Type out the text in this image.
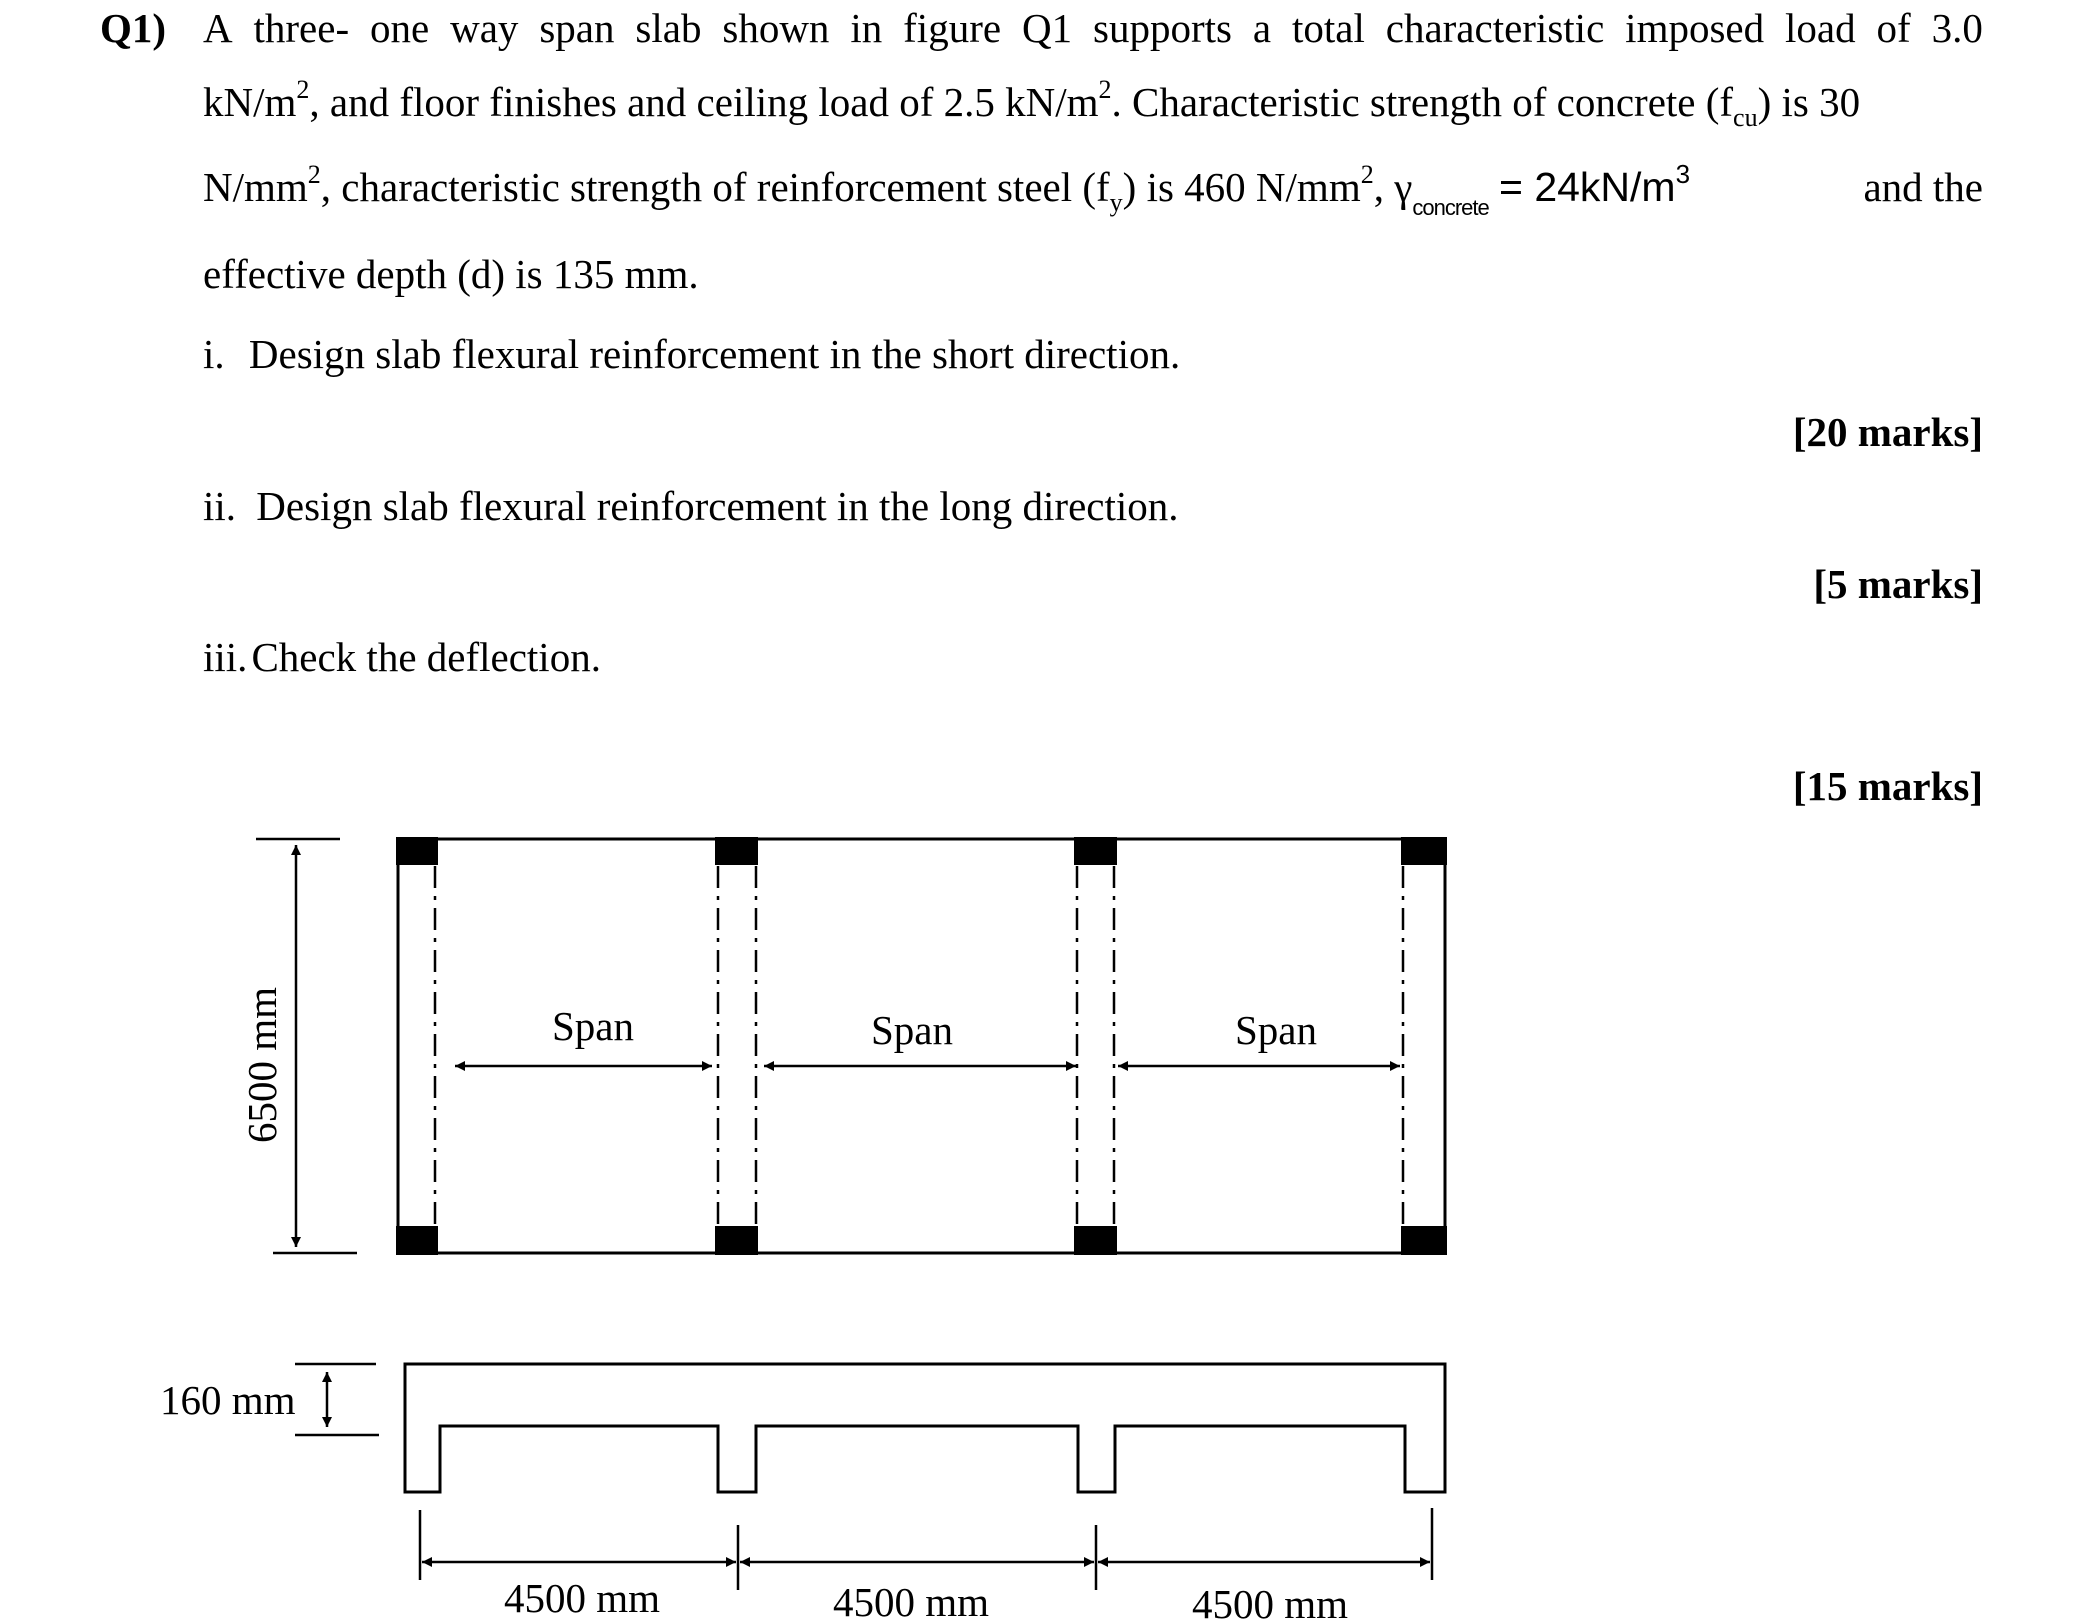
Q1) A three- one way span slab shown in figure Q1 supports a total characteristic imposed load of 3.0
$kN/m^2$, and floor finishes and ceiling load of 2.5 $kN/m^2$. Characteristic strength of concrete $(f_{cu})$ is 30
$N/mm^2$, characteristic strength of reinforcement steel $(f_y)$ is 460 $N/mm^2$, $\gamma_{concrete} = 24kN/m^3$	and the
effective depth (d) is 135 mm.
i. Design slab flexural reinforcement in the short direction.
[20 marks]
ii. Design slab flexural reinforcement in the long direction.
[5 marks]
iii.Check the deflection.
[15 marks]
Span	Span	Span
6500 mm
160 mm
4500 mm	4500 mm	4500 mm
